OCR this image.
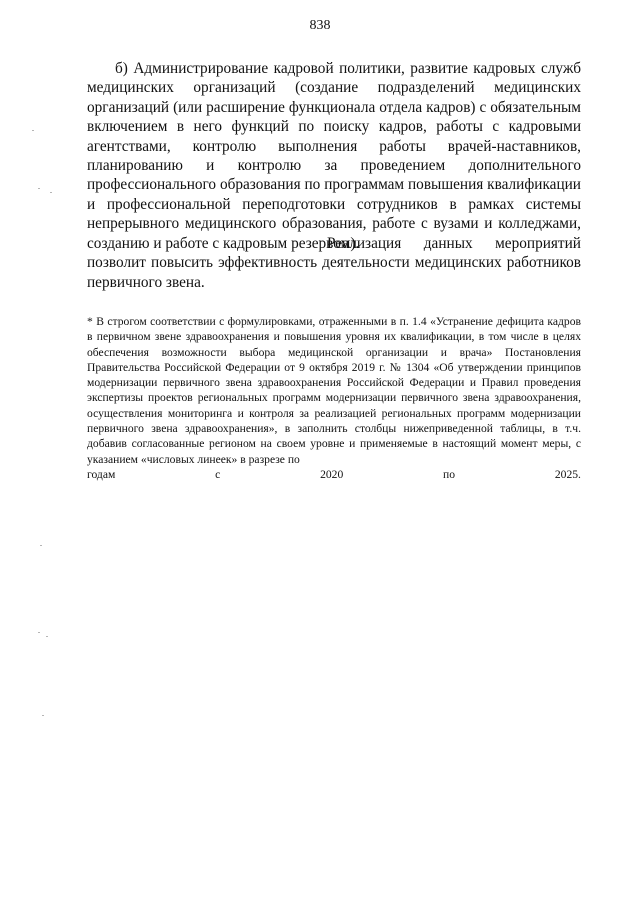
838

б) Администрирование кадровой политики, развитие кадровых служб медицинских организаций (создание подразделений медицинских организаций (или расширение функционала отдела кадров) с обязательным включением в него функций по поиску кадров, работы с кадровыми агентствами, контролю выполнения работы врачей-наставников, планированию и контролю за проведением дополнительного профессионального образования по программам повышения квалификации и профессиональной переподготовки сотрудников в рамках системы непрерывного медицинского образования, работе с вузами и колледжами, созданию и работе с кадровым резервом).

Реализация данных мероприятий позволит повысить эффективность деятельности медицинских работников первичного звена.

* В строгом соответствии с формулировками, отраженными в п. 1.4 «Устранение дефицита кадров в первичном звене здравоохранения и повышения уровня их квалификации, в том числе в целях обеспечения возможности выбора медицинской организации и врача» Постановления Правительства Российской Федерации от 9 октября 2019 г. № 1304 «Об утверждении принципов модернизации первичного звена здравоохранения Российской Федерации и Правил проведения экспертизы проектов региональных программ модернизации первичного звена здравоохранения, осуществления мониторинга и контроля за реализацией региональных программ модернизации первичного звена здравоохранения», в заполнить столбцы нижеприведенной таблицы, в т.ч. добавив согласованные регионом на своем уровне и применяемые в настоящий момент меры, с указанием «числовых линеек» в разрезе по
годам	с	2020	по	2025.
